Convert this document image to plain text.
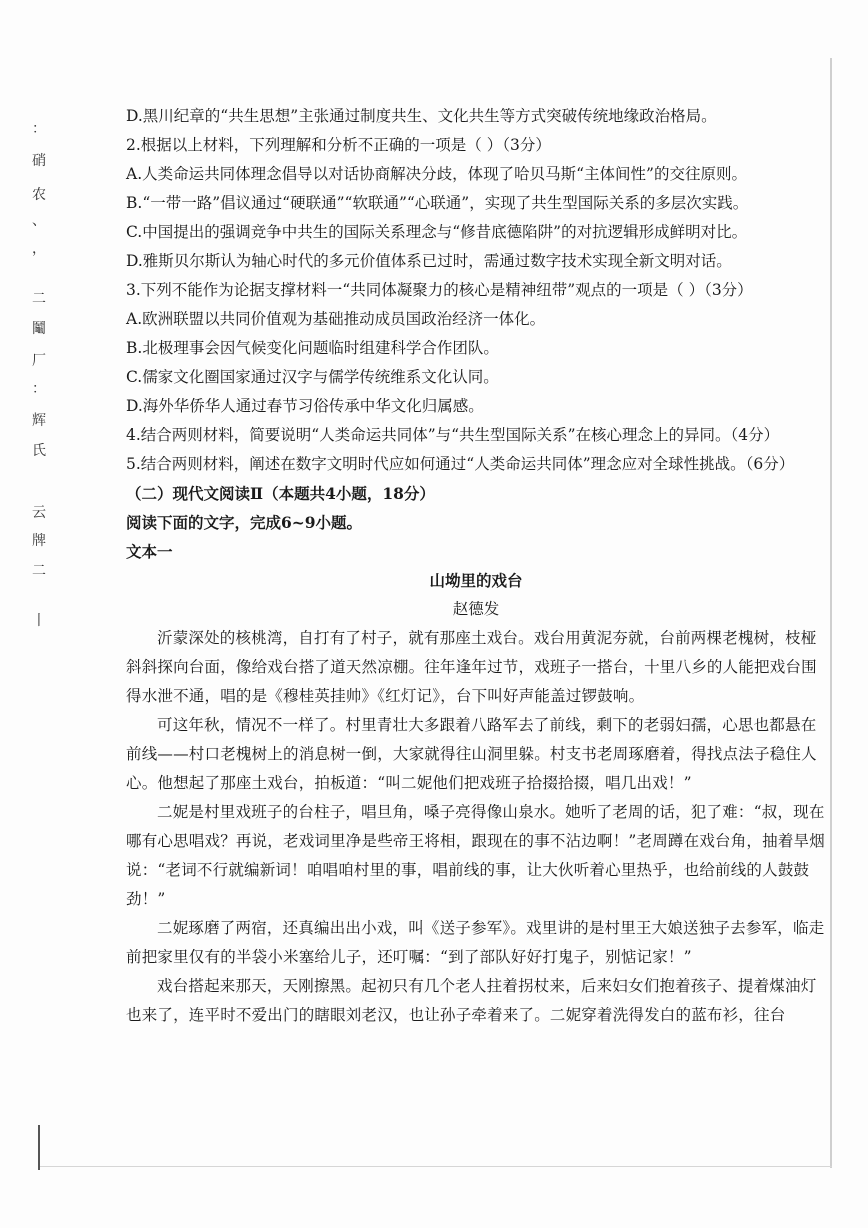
：
硝
农
、
，
二
鬮
厂
：
辉
氏
云
牌
二
丨

D.黑川纪章的“共生思想”主张通过制度共生、文化共生等方式突破传统地缘政治格局。

2.根据以上材料，下列理解和分析不正确的一项是（ ）（3分）

A.人类命运共同体理念倡导以对话协商解决分歧，体现了哈贝马斯“主体间性”的交往原则。

B.“一带一路”倡议通过“硬联通”“软联通”“心联通”，实现了共生型国际关系的多层次实践。

C.中国提出的强调竞争中共生的国际关系理念与“修昔底德陷阱”的对抗逻辑形成鲜明对比。

D.雅斯贝尔斯认为轴心时代的多元价值体系已过时，需通过数字技术实现全新文明对话。

3.下列不能作为论据支撑材料一“共同体凝聚力的核心是精神纽带”观点的一项是（ ）（3分）

A.欧洲联盟以共同价值观为基础推动成员国政治经济一体化。

B.北极理事会因气候变化问题临时组建科学合作团队。

C.儒家文化圈国家通过汉字与儒学传统维系文化认同。

D.海外华侨华人通过春节习俗传承中华文化归属感。

4.结合两则材料，简要说明“人类命运共同体”与“共生型国际关系”在核心理念上的异同。（4分）

5.结合两则材料，阐述在数字文明时代应如何通过“人类命运共同体”理念应对全球性挑战。（6分）

（二）现代文阅读Ⅱ（本题共4小题，18分）

阅读下面的文字，完成6~9小题。

文本一

山坳里的戏台

赵德发

沂蒙深处的核桃湾，自打有了村子，就有那座土戏台。戏台用黄泥夯就，台前两棵老槐树，枝桠斜斜探向台面，像给戏台搭了道天然凉棚。往年逢年过节，戏班子一搭台，十里八乡的人能把戏台围得水泄不通，唱的是《穆桂英挂帅》《红灯记》，台下叫好声能盖过锣鼓响。

可这年秋，情况不一样了。村里青壮大多跟着八路军去了前线，剩下的老弱妇孺，心思也都悬在前线——村口老槐树上的消息树一倒，大家就得往山洞里躲。村支书老周琢磨着，得找点法子稳住人心。他想起了那座土戏台，拍板道：“叫二妮他们把戏班子拾掇拾掇，唱几出戏！”

二妮是村里戏班子的台柱子，唱旦角，嗓子亮得像山泉水。她听了老周的话，犯了难：“叔，现在哪有心思唱戏？再说，老戏词里净是些帝王将相，跟现在的事不沾边啊！”老周蹲在戏台角，抽着旱烟说：“老词不行就编新词！咱唱咱村里的事，唱前线的事，让大伙听着心里热乎，也给前线的人鼓鼓劲！”

二妮琢磨了两宿，还真编出出小戏，叫《送子参军》。戏里讲的是村里王大娘送独子去参军，临走前把家里仅有的半袋小米塞给儿子，还叮嘱：“到了部队好好打鬼子，别惦记家！”

戏台搭起来那天，天刚擦黑。起初只有几个老人拄着拐杖来，后来妇女们抱着孩子、提着煤油灯也来了，连平时不爱出门的瞎眼刘老汉，也让孙子牵着来了。二妮穿着洗得发白的蓝布衫，往台
